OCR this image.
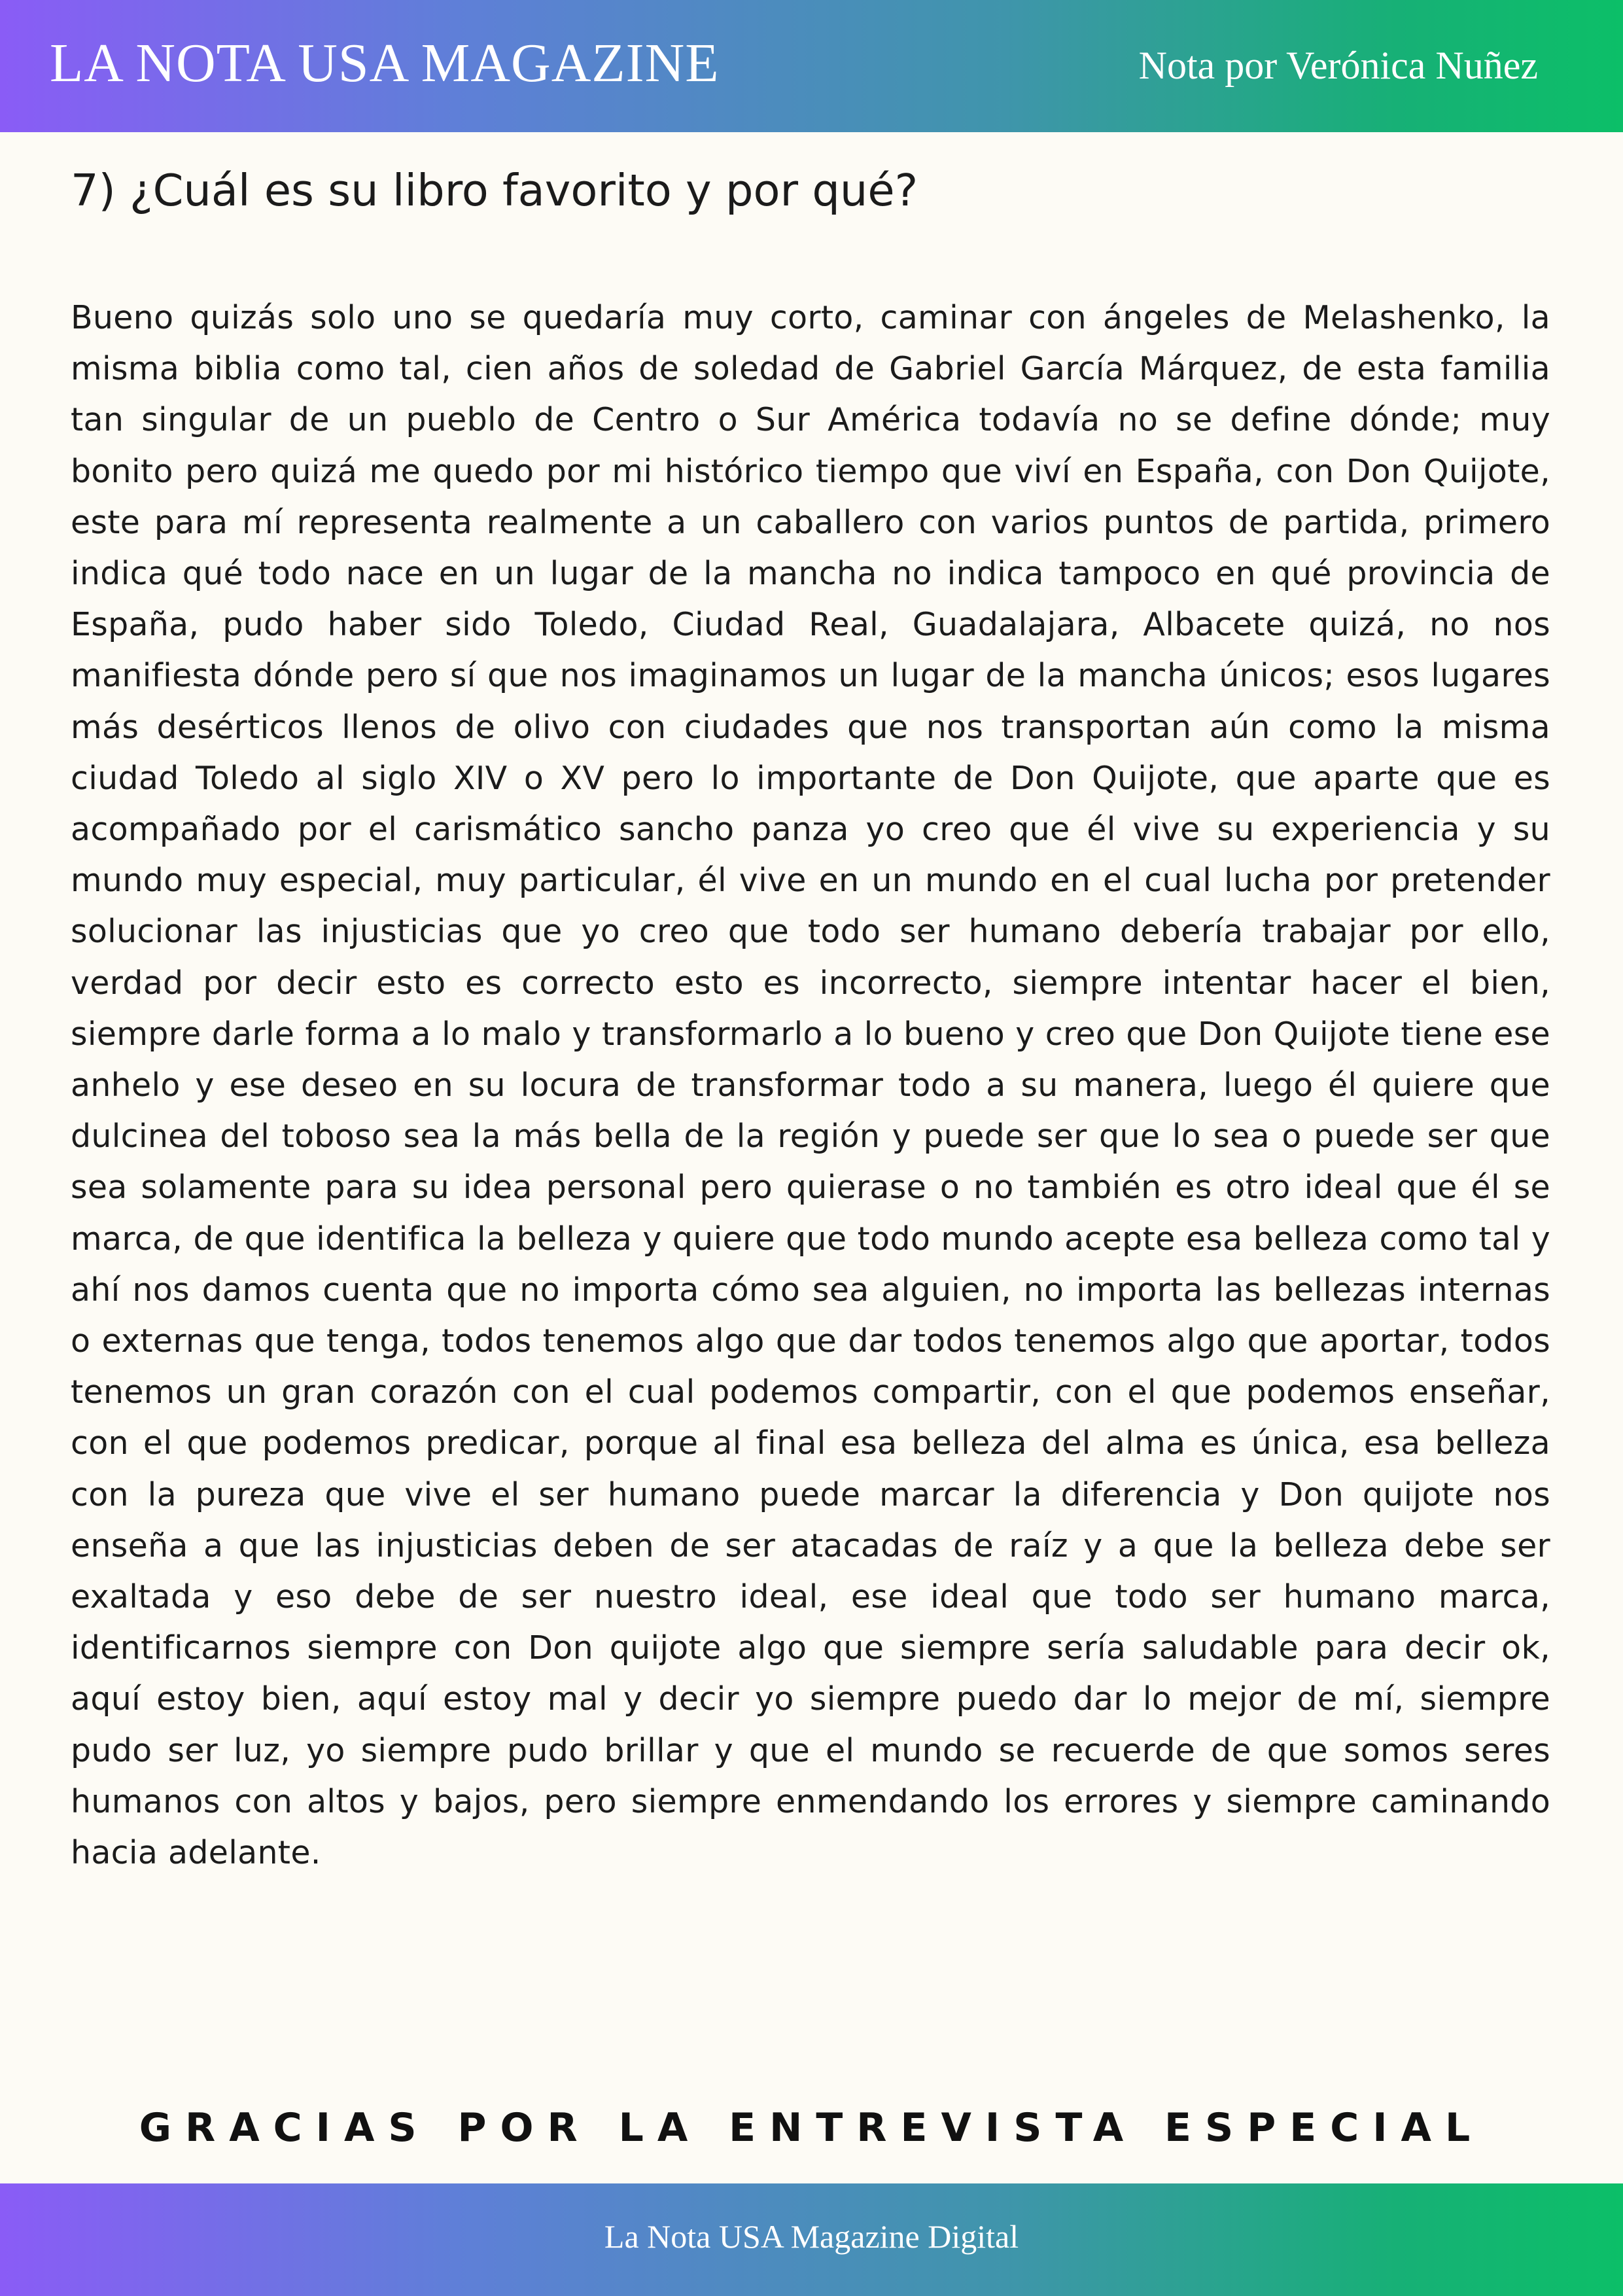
LA NOTA USA MAGAZINE	Nota por Verónica Nuñez
7) ¿Cuál es su libro favorito y por qué?

Bueno quizás solo uno se quedaría muy corto, caminar con ángeles de Melashenko, la misma biblia como tal, cien años de soledad de Gabriel García Márquez, de esta familia tan singular de un pueblo de Centro o Sur América todavía no se define dónde; muy bonito pero quizá me quedo por mi histórico tiempo que viví en España, con Don Quijote, este para mí representa realmente a un caballero con varios puntos de partida, primero indica qué todo nace en un lugar de la mancha no indica tampoco en qué provincia de España, pudo haber sido Toledo, Ciudad Real, Guadalajara, Albacete quizá, no nos manifiesta dónde pero sí que nos imaginamos un lugar de la mancha únicos; esos lugares más desérticos llenos de olivo con ciudades que nos transportan aún como la misma ciudad Toledo al siglo XIV o XV pero lo importante de Don Quijote, que aparte que es acompañado por el carismático sancho panza yo creo que él vive su experiencia y su mundo muy especial, muy particular, él vive en un mundo en el cual lucha por pretender solucionar las injusticias que yo creo que todo ser humano debería trabajar por ello, verdad por decir esto es correcto esto es incorrecto, siempre intentar hacer el bien, siempre darle forma a lo malo y transformarlo a lo bueno y creo que Don Quijote tiene ese anhelo y ese deseo en su locura de transformar todo a su manera, luego él quiere que dulcinea del toboso sea la más bella de la región y puede ser que lo sea o puede ser que sea solamente para su idea personal pero quierase o no también es otro ideal que él se marca, de que identifica la belleza y quiere que todo mundo acepte esa belleza como tal y ahí nos damos cuenta que no importa cómo sea alguien, no importa las bellezas internas o externas que tenga, todos tenemos algo que dar todos tenemos algo que aportar, todos tenemos un gran corazón con el cual podemos compartir, con el que podemos enseñar, con el que podemos predicar, porque al final esa belleza del alma es única, esa belleza con la pureza que vive el ser humano puede marcar la diferencia y Don quijote nos enseña a que las injusticias deben de ser atacadas de raíz y a que la belleza debe ser exaltada y eso debe de ser nuestro ideal, ese ideal que todo ser humano marca, identificarnos siempre con Don quijote algo que siempre sería saludable para decir ok, aquí estoy bien, aquí estoy mal y decir yo siempre puedo dar lo mejor de mí, siempre pudo ser luz, yo siempre pudo brillar y que el mundo se recuerde de que somos seres humanos con altos y bajos, pero siempre enmendando los errores y siempre caminando hacia adelante.

GRACIAS POR LA ENTREVISTA ESPECIAL
La Nota USA Magazine Digital
